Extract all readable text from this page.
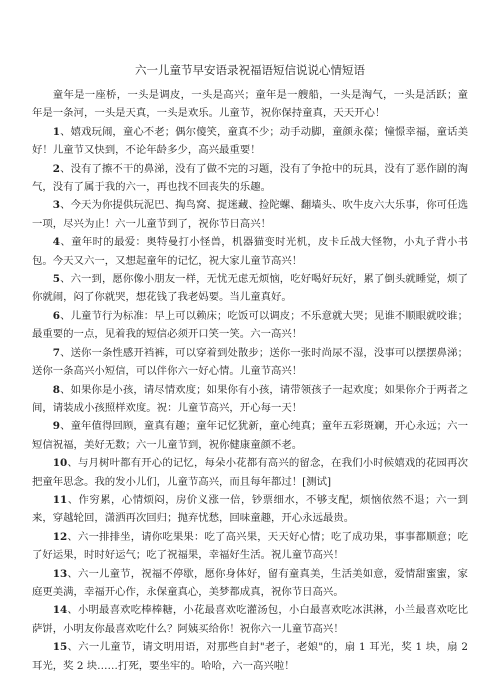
六一儿童节早安语录祝福语短信说说心情短语

童年是一座桥，一头是调皮，一头是高兴；童年是一艘船，一头是淘气，一头是活跃；童年是一条河，一头是天真，一头是欢乐。儿童节，祝你保持童真，天天开心！

1、嬉戏玩闹，童心不老；偶尔傻笑，童真不少；动手动脚，童颜永葆；憧憬幸福，童话美好！儿童节又快到，不论年龄多少，高兴最重要！

2、没有了擦不干的鼻涕，没有了做不完的习题，没有了争抢中的玩具，没有了恶作剧的淘气，没有了属于我的六一，再也找不回丧失的乐趣。

3、今天为你提供玩泥巴、掏鸟窝、捉迷藏、捡陀螺、翻墙头、吹牛皮六大乐事，你可任选一项，尽兴为止！六一儿童节到了，祝你节日高兴！

4、童年时的最爱：奥特曼打小怪兽，机器猫变时光机，皮卡丘战大怪物，小丸子背小书包。今天又六一，又想起童年的记忆，祝大家儿童节高兴！

5、六一到，愿你像小朋友一样，无忧无虑无烦恼，吃好喝好玩好，累了倒头就睡觉，烦了你就闹，闷了你就哭，想花钱了我老妈要。当儿童真好。

6、儿童节行为标准：早上可以赖床；吃饭可以调皮；不乐意就大哭；见谁不顺眼就咬谁；最重要的一点，见着我的短信必须开口笑一笑。六一高兴！

7、送你一条性感开裆裤，可以穿着到处散步；送你一张时尚尿不湿，没事可以摆摆鼻涕；送你一条高兴小短信，可以伴你六一好心情。儿童节高兴！

8、如果你是小孩，请尽情欢度；如果你有小孩，请带领孩子一起欢度；如果你介于两者之间，请装成小孩照样欢度。祝：儿童节高兴，开心每一天！

9、童年值得回顾，童真有趣；童年记忆犹新，童心纯真；童年五彩斑斓，开心永远；六一短信祝福，美好无数；六一儿童节到，祝你健康童颜不老。

10、与月树叶都有开心的记忆，每朵小花都有高兴的留念，在我们小时候嬉戏的花园再次把童年思念。我的发小儿们，儿童节高兴，而且每年都过！[测试]

11、作穷累，心情烦闷，房价义涨一倍，钞票细水，不够支配，烦恼依然不退；六一到来，穿越轮回，潇洒再次回归；抛弃忧愁，回味童趣，开心永远最贵。

12、六一排排坐，请你吃果果：吃了高兴果，天天好心情；吃了成功果，事事都顺意；吃了好运果，时时好运气；吃了祝福果，幸福好生活。祝儿童节高兴！

13、六一儿童节，祝福不停歇，愿你身体好，留有童真美，生活美如意，爱情甜蜜蜜，家庭更美满，幸福开心作，永保童真心，美梦都成真，祝你节日高兴。

14、小明最喜欢吃棒棒糖，小花最喜欢吃灌汤包，小白最喜欢吃冰淇淋，小兰最喜欢吃比萨饼，小明友你最喜欢吃什么？阿姨买给你！祝你六一儿童节高兴！

15、六一儿童节，请文明用语，对那些自封"老子，老娘"的，扇 1 耳光，奖 1 块，扇 2 耳光，奖 2 块……打死，要坐牢的。哈哈，六一高兴啦！
